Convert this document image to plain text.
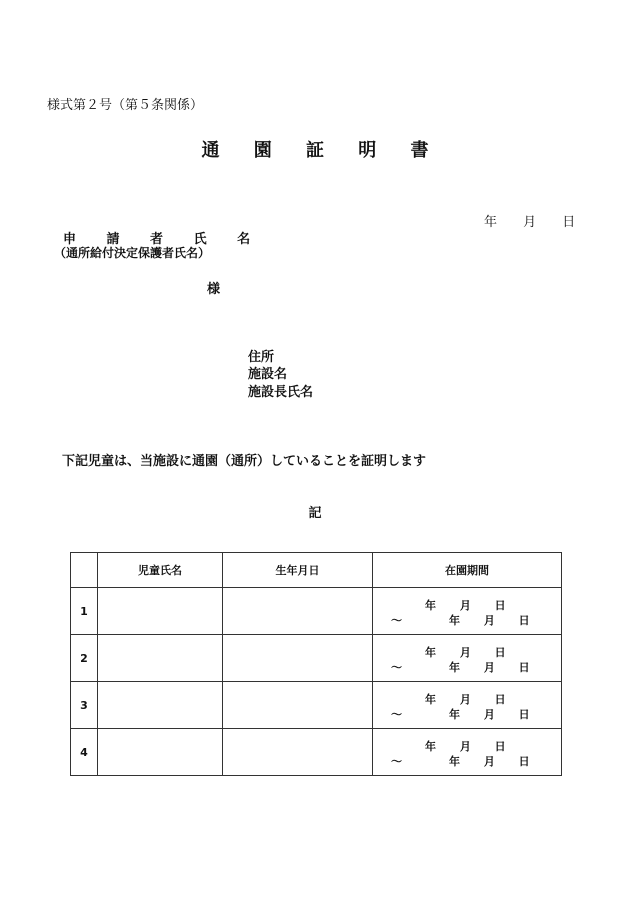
様式第２号（第５条関係）
通 園 証 明 書
年 月 日
申 請 者 氏 名
（通所給付決定保護者氏名）
様
住所
施設名
施設長氏名
下記児童は、当施設に通園（通所）していることを証明します
記
	児童氏名	生年月日	在園期間
1			年 月 日
～ 年 月 日

2			年 月 日
～ 年 月 日

3			年 月 日
～ 年 月 日

4			年 月 日
～ 年 月 日
